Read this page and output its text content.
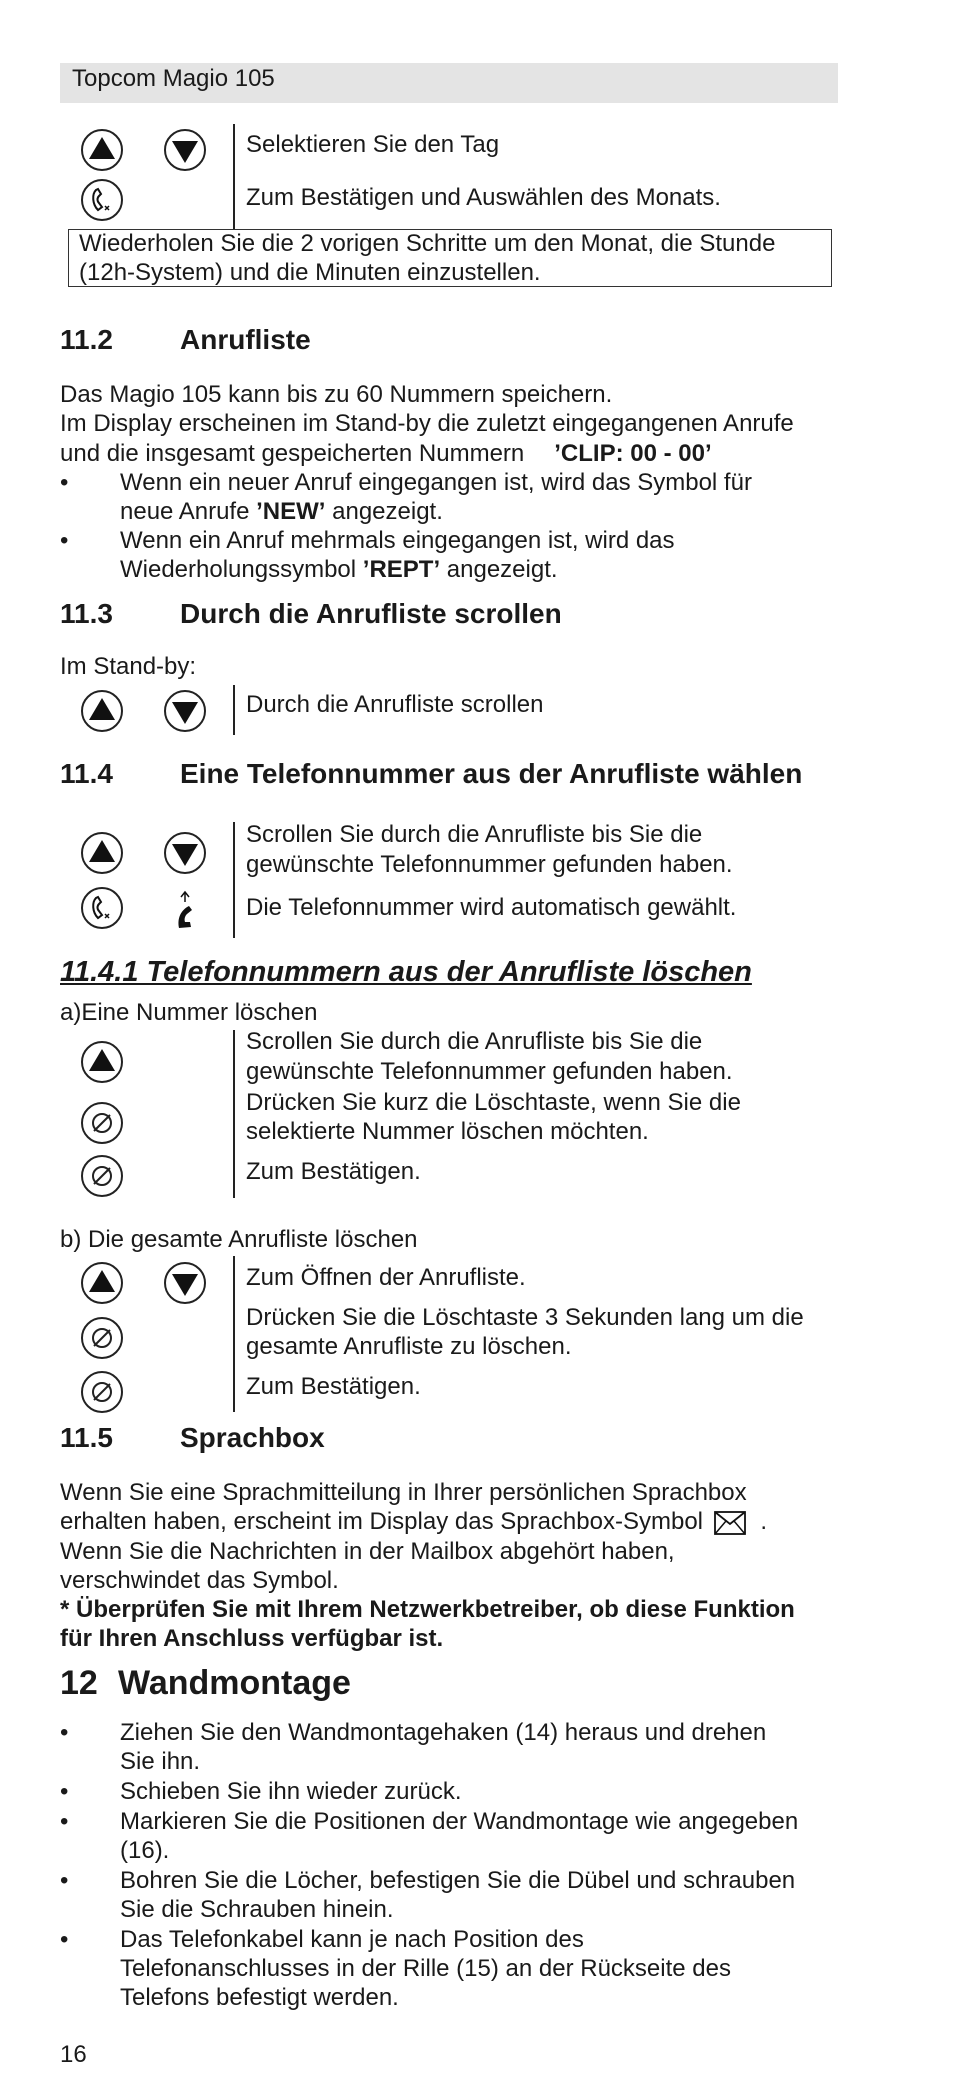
Topcom Magio 105
Selektieren Sie den Tag
Zum Bestätigen und Auswählen des Monats.
Wiederholen Sie die 2 vorigen Schritte um den Monat, die Stunde
(12h-System) und die Minuten einzustellen.
11.2 Anrufliste
Das Magio 105 kann bis zu 60 Nummern speichern.
Im Display erscheinen im Stand-by die zuletzt eingegangenen Anrufe
und die insgesamt gespeicherten Nummern ’CLIP: 00 - 00’
• Wenn ein neuer Anruf eingegangen ist, wird das Symbol für
neue Anrufe ’NEW’ angezeigt.
• Wenn ein Anruf mehrmals eingegangen ist, wird das
Wiederholungssymbol ’REPT’ angezeigt.
11.3 Durch die Anrufliste scrollen
Im Stand-by:
Durch die Anrufliste scrollen
11.4 Eine Telefonnummer aus der Anrufliste wählen
Scrollen Sie durch die Anrufliste bis Sie die
gewünschte Telefonnummer gefunden haben.
Die Telefonnummer wird automatisch gewählt.
11.4.1 Telefonnummern aus der Anrufliste löschen
a)Eine Nummer löschen
Scrollen Sie durch die Anrufliste bis Sie die
gewünschte Telefonnummer gefunden haben.
Drücken Sie kurz die Löschtaste, wenn Sie die
selektierte Nummer löschen möchten.
Zum Bestätigen.
b) Die gesamte Anrufliste löschen
Zum Öffnen der Anrufliste.
Drücken Sie die Löschtaste 3 Sekunden lang um die
gesamte Anrufliste zu löschen.
Zum Bestätigen.
11.5 Sprachbox
Wenn Sie eine Sprachmitteilung in Ihrer persönlichen Sprachbox
erhalten haben, erscheint im Display das Sprachbox-Symbol .
Wenn Sie die Nachrichten in der Mailbox abgehört haben,
verschwindet das Symbol.
* Überprüfen Sie mit Ihrem Netzwerkbetreiber, ob diese Funktion
für Ihren Anschluss verfügbar ist.
12 Wandmontage
• Ziehen Sie den Wandmontagehaken (14) heraus und drehen
Sie ihn.
• Schieben Sie ihn wieder zurück.
• Markieren Sie die Positionen der Wandmontage wie angegeben
(16).
• Bohren Sie die Löcher, befestigen Sie die Dübel und schrauben
Sie die Schrauben hinein.
• Das Telefonkabel kann je nach Position des
Telefonanschlusses in der Rille (15) an der Rückseite des
Telefons befestigt werden.
16
